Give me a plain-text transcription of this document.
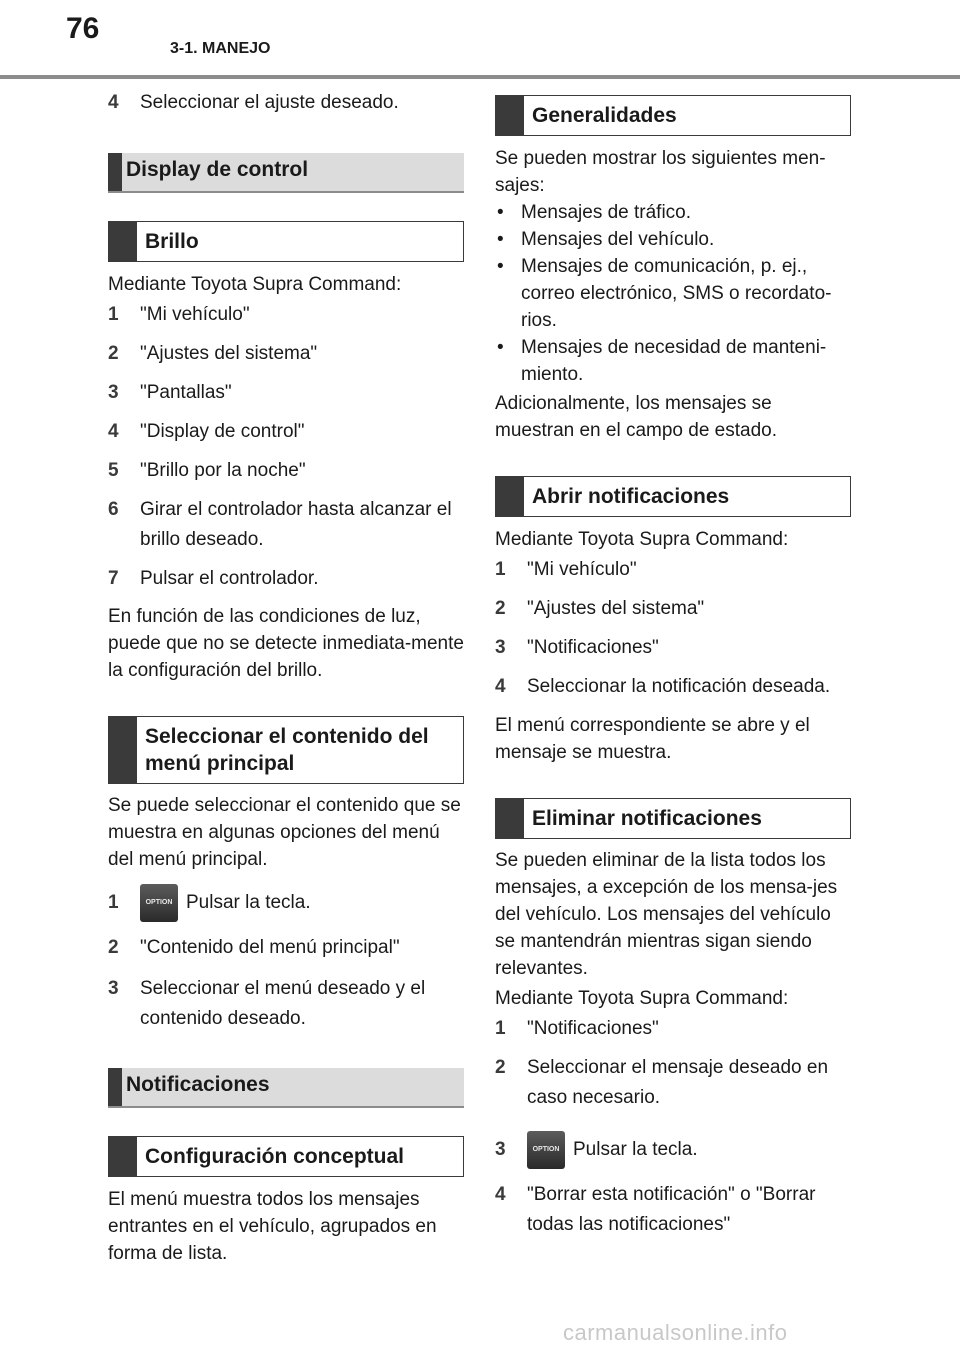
76
3-1. MANEJO
4 Seleccionar el ajuste deseado.
Display de control
Brillo

Mediante Toyota Supra Command:

1 "Mi vehículo"
2 "Ajustes del sistema"
3 "Pantallas"
4 "Display de control"
5 "Brillo por la noche"
6 Girar el controlador hasta alcanzar el brillo deseado.
7 Pulsar el controlador.

En función de las condiciones de luz, puede que no se detecte inmediata-mente la configuración del brillo.

Seleccionar el contenido del menú principal

Se puede seleccionar el contenido que se muestra en algunas opciones del menú del menú principal.

1	OPTION Pulsar la tecla.
2 "Contenido del menú principal"
3 Seleccionar el menú deseado y el contenido deseado.
Notificaciones
Configuración conceptual

El menú muestra todos los mensajes entrantes en el vehículo, agrupados en forma de lista.

Generalidades

Se pueden mostrar los siguientes men-sajes:

• Mensajes de tráfico.
• Mensajes del vehículo.
• Mensajes de comunicación, p. ej., correo electrónico, SMS o recordato-rios.
• Mensajes de necesidad de manteni-miento.

Adicionalmente, los mensajes se muestran en el campo de estado.

Abrir notificaciones

Mediante Toyota Supra Command:

1 "Mi vehículo"
2 "Ajustes del sistema"
3 "Notificaciones"
4 Seleccionar la notificación deseada.

El menú correspondiente se abre y el mensaje se muestra.

Eliminar notificaciones

Se pueden eliminar de la lista todos los mensajes, a excepción de los mensa-jes del vehículo. Los mensajes del vehículo se mantendrán mientras sigan siendo relevantes.

Mediante Toyota Supra Command:

1 "Notificaciones"
2 Seleccionar el mensaje deseado en caso necesario.
3	OPTION Pulsar la tecla.
4 "Borrar esta notificación" o "Borrar todas las notificaciones"
carmanualsonline.info
